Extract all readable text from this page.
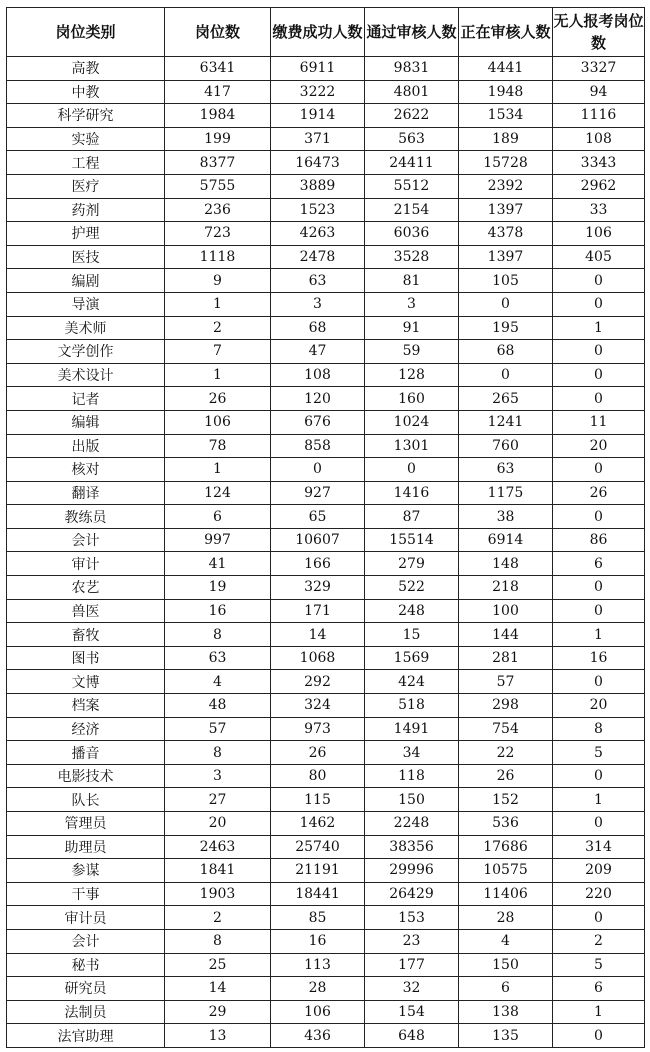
岗位类别	岗位数	缴费成功人数	通过审核人数	正在审核人数	无人报考岗位数
高教	6341	6911	9831	4441	3327
中教	417	3222	4801	1948	94
科学研究	1984	1914	2622	1534	1116
实验	199	371	563	189	108
工程	8377	16473	24411	15728	3343
医疗	5755	3889	5512	2392	2962
药剂	236	1523	2154	1397	33
护理	723	4263	6036	4378	106
医技	1118	2478	3528	1397	405
编剧	9	63	81	105	0
导演	1	3	3	0	0
美术师	2	68	91	195	1
文学创作	7	47	59	68	0
美术设计	1	108	128	0	0
记者	26	120	160	265	0
编辑	106	676	1024	1241	11
出版	78	858	1301	760	20
核对	1	0	0	63	0
翻译	124	927	1416	1175	26
教练员	6	65	87	38	0
会计	997	10607	15514	6914	86
审计	41	166	279	148	6
农艺	19	329	522	218	0
兽医	16	171	248	100	0
畜牧	8	14	15	144	1
图书	63	1068	1569	281	16
文博	4	292	424	57	0
档案	48	324	518	298	20
经济	57	973	1491	754	8
播音	8	26	34	22	5
电影技术	3	80	118	26	0
队长	27	115	150	152	1
管理员	20	1462	2248	536	0
助理员	2463	25740	38356	17686	314
参谋	1841	21191	29996	10575	209
干事	1903	18441	26429	11406	220
审计员	2	85	153	28	0
会计	8	16	23	4	2
秘书	25	113	177	150	5
研究员	14	28	32	6	6
法制员	29	106	154	138	1
法官助理	13	436	648	135	0
